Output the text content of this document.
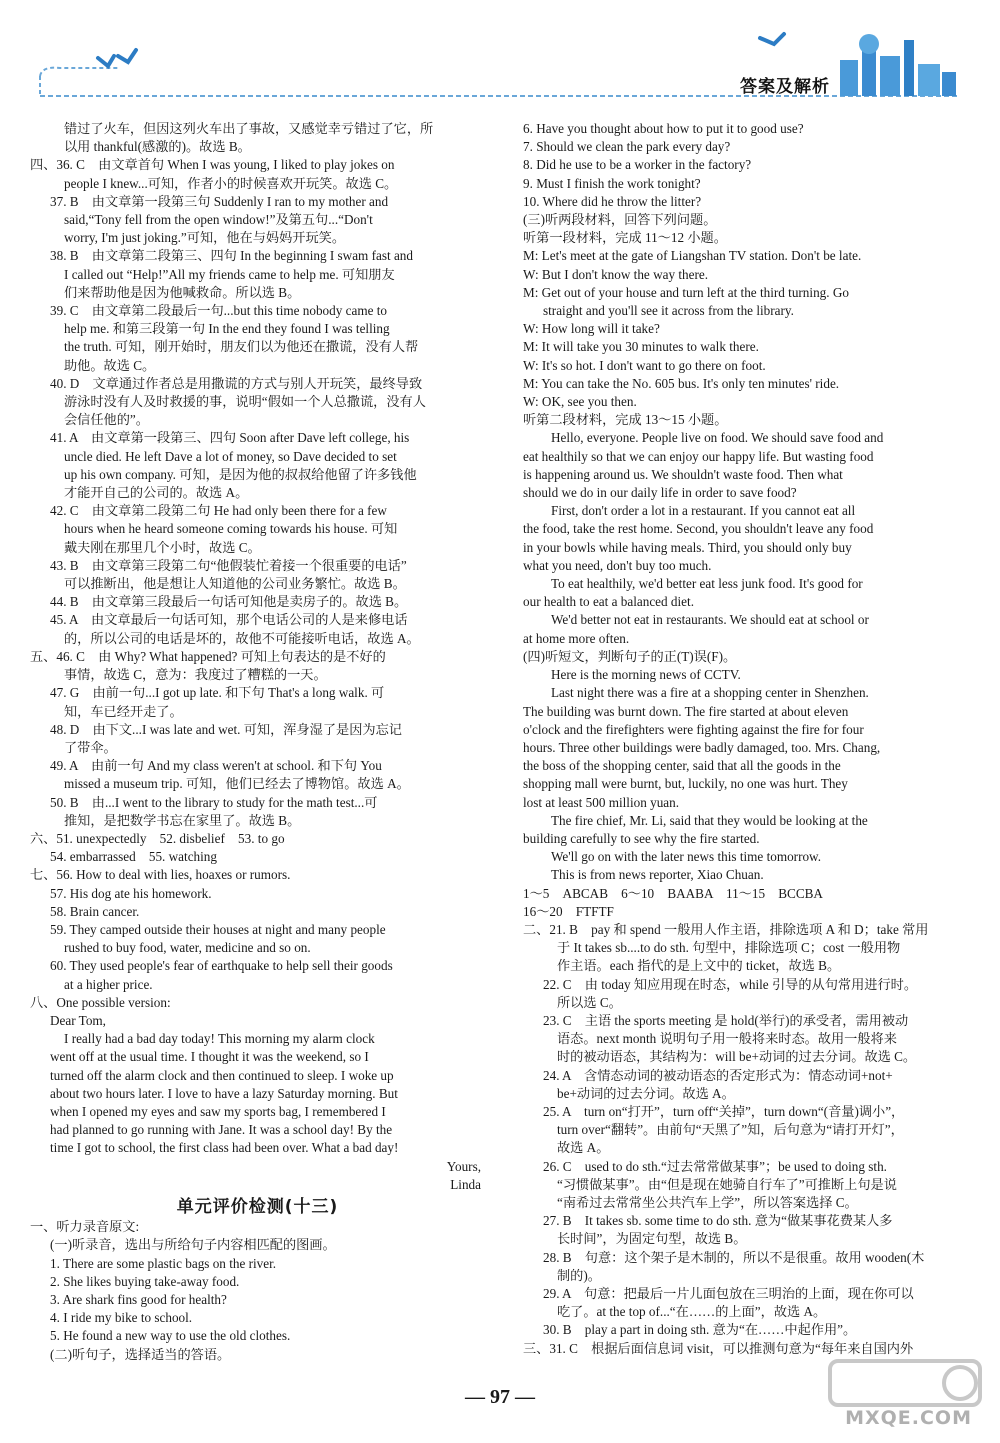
答案及解析
错过了火车，但因这列火车出了事故，又感觉幸亏错过了它，所
以用 thankful(感激的)。故选 B。
四、36. C　由文章首句 When I was young, I liked to play jokes on
people I knew...可知，作者小的时候喜欢开玩笑。故选 C。
37. B　由文章第一段第三句 Suddenly I ran to my mother and
said,“Tony fell from the open window!”及第五句...“Don't
worry, I'm just joking.”可知，他在与妈妈开玩笑。
38. B　由文章第二段第三、四句 In the beginning I swam fast and
I called out “Help!”All my friends came to help me. 可知朋友
们来帮助他是因为他喊救命。所以选 B。
39. C　由文章第二段最后一句...but this time nobody came to
help me. 和第三段第一句 In the end they found I was telling
the truth. 可知，刚开始时，朋友们以为他还在撒谎，没有人帮
助他。故选 C。
40. D　文章通过作者总是用撒谎的方式与别人开玩笑，最终导致
游泳时没有人及时救援的事，说明“假如一个人总撒谎，没有人
会信任他的”。
41. A　由文章第一段第三、四句 Soon after Dave left college, his
uncle died. He left Dave a lot of money, so Dave decided to set
up his own company. 可知，是因为他的叔叔给他留了许多钱他
才能开自己的公司的。故选 A。
42. C　由文章第二段第二句 He had only been there for a few
hours when he heard someone coming towards his house. 可知
戴夫刚在那里几个小时，故选 C。
43. B　由文章第三段第二句“他假装忙着接一个很重要的电话”
可以推断出，他是想让人知道他的公司业务繁忙。故选 B。
44. B　由文章第三段最后一句话可知他是卖房子的。故选 B。
45. A　由文章最后一句话可知，那个电话公司的人是来修电话
的，所以公司的电话是坏的，故他不可能接听电话，故选 A。
五、46. C　由 Why? What happened? 可知上句表达的是不好的
事情，故选 C，意为：我度过了糟糕的一天。
47. G　由前一句...I got up late. 和下句 That's a long walk. 可
知，车已经开走了。
48. D　由下文...I was late and wet. 可知，浑身湿了是因为忘记
了带伞。
49. A　由前一句 And my class weren't at school. 和下句 You
missed a museum trip. 可知，他们已经去了博物馆。故选 A。
50. B　由...I went to the library to study for the math test...可
推知，是把数学书忘在家里了。故选 B。
六、51. unexpectedly　52. disbelief　53. to go
54. embarrassed　55. watching
七、56. How to deal with lies, hoaxes or rumors.
57. His dog ate his homework.
58. Brain cancer.
59. They camped outside their houses at night and many people
rushed to buy food, water, medicine and so on.
60. They used people's fear of earthquake to help sell their goods
at a higher price.
八、One possible version:
Dear Tom,
I really had a bad day today! This morning my alarm clock
went off at the usual time. I thought it was the weekend, so I
turned off the alarm clock and then continued to sleep. I woke up
about two hours later. I love to have a lazy Saturday morning. But
when I opened my eyes and saw my sports bag, I remembered I
had planned to go running with Jane. It was a school day! By the
time I got to school, the first class had been over. What a bad day!
Yours,
Linda
单元评价检测(十三)
一、听力录音原文:
(一)听录音，选出与所给句子内容相匹配的图画。
1. There are some plastic bags on the river.
2. She likes buying take-away food.
3. Are shark fins good for health?
4. I ride my bike to school.
5. He found a new way to use the old clothes.
(二)听句子，选择适当的答语。
6. Have you thought about how to put it to good use?
7. Should we clean the park every day?
8. Did he use to be a worker in the factory?
9. Must I finish the work tonight?
10. Where did he throw the litter?
(三)听两段材料，回答下列问题。
听第一段材料，完成 11～12 小题。
M: Let's meet at the gate of Liangshan TV station. Don't be late.
W: But I don't know the way there.
M: Get out of your house and turn left at the third turning. Go
straight and you'll see it across from the library.
W: How long will it take?
M: It will take you 30 minutes to walk there.
W: It's so hot. I don't want to go there on foot.
M: You can take the No. 605 bus. It's only ten minutes' ride.
W: OK, see you then.
听第二段材料，完成 13～15 小题。
Hello, everyone. People live on food. We should save food and
eat healthily so that we can enjoy our happy life. But wasting food
is happening around us. We shouldn't waste food. Then what
should we do in our daily life in order to save food?
First, don't order a lot in a restaurant. If you cannot eat all
the food, take the rest home. Second, you shouldn't leave any food
in your bowls while having meals. Third, you should only buy
what you need, don't buy too much.
To eat healthily, we'd better eat less junk food. It's good for
our health to eat a balanced diet.
We'd better not eat in restaurants. We should eat at school or
at home more often.
(四)听短文，判断句子的正(T)误(F)。
Here is the morning news of CCTV.
Last night there was a fire at a shopping center in Shenzhen.
The building was burnt down. The fire started at about eleven
o'clock and the firefighters were fighting against the fire for four
hours. Three other buildings were badly damaged, too. Mrs. Chang,
the boss of the shopping center, said that all the goods in the
shopping mall were burnt, but, luckily, no one was hurt. They
lost at least 500 million yuan.
The fire chief, Mr. Li, said that they would be looking at the
building carefully to see why the fire started.
We'll go on with the later news this time tomorrow.
This is from news reporter, Xiao Chuan.
1～5　ABCAB　6～10　BAABA　11～15　BCCBA
16～20　FTFTF
二、21. B　pay 和 spend 一般用人作主语，排除选项 A 和 D；take 常用
于 It takes sb....to do sth. 句型中，排除选项 C；cost 一般用物
作主语。each 指代的是上文中的 ticket，故选 B。
22. C　由 today 知应用现在时态，while 引导的从句常用进行时。
所以选 C。
23. C　主语 the sports meeting 是 hold(举行)的承受者，需用被动
语态。next month 说明句子用一般将来时态。故用一般将来
时的被动语态，其结构为：will be+动词的过去分词。故选 C。
24. A　含情态动词的被动语态的否定形式为：情态动词+not+
be+动词的过去分词。故选 A。
25. A　turn on“打开”，turn off“关掉”，turn down“(音量)调小”，
turn over“翻转”。由前句“天黑了”知，后句意为“请打开灯”，
故选 A。
26. C　used to do sth.“过去常常做某事”；be used to doing sth.
“习惯做某事”。由“但是现在她骑自行车了”可推断上句是说
“南希过去常常坐公共汽车上学”，所以答案选择 C。
27. B　It takes sb. some time to do sth. 意为“做某事花费某人多
长时间”，为固定句型，故选 B。
28. B　句意：这个架子是木制的，所以不是很重。故用 wooden(木
制的)。
29. A　句意：把最后一片儿面包放在三明治的上面，现在你可以
吃了。at the top of...“在……的上面”，故选 A。
30. B　play a part in doing sth. 意为“在……中起作用”。
三、31. C　根据后面信息词 visit，可以推测句意为“每年来自国内外
— 97 —
MXQE.COM
